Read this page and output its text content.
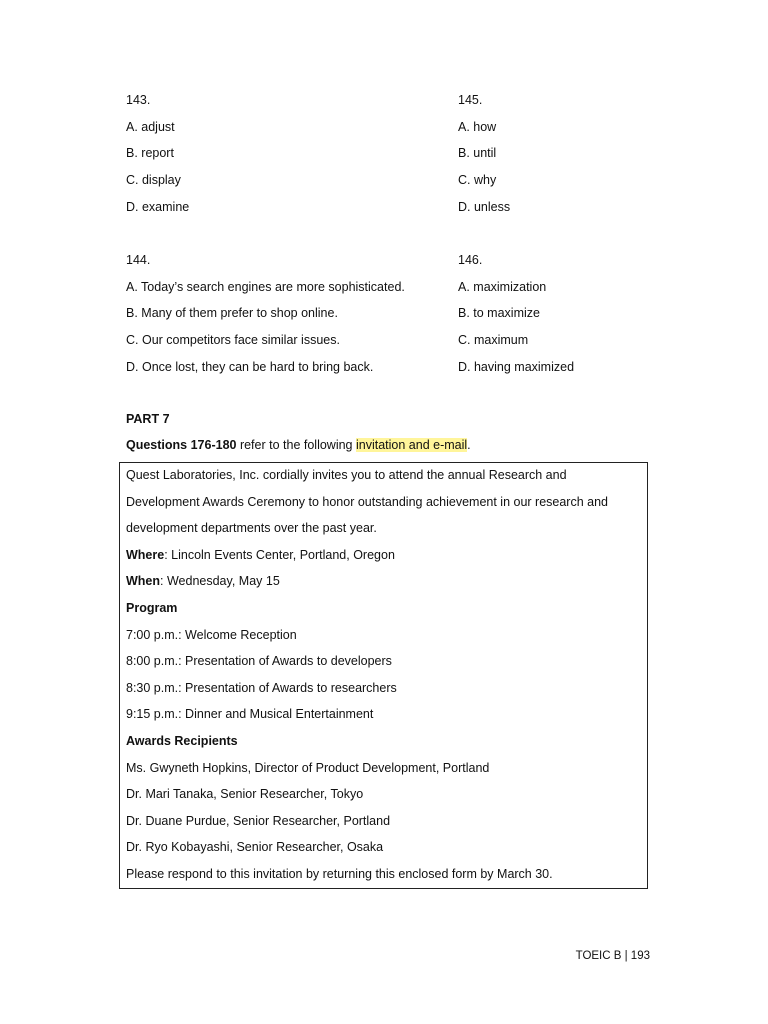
143.
A. adjust
B. report
C. display
D. examine
145.
A. how
B. until
C. why
D. unless
144.
A. Today’s search engines are more sophisticated.
B. Many of them prefer to shop online.
C. Our competitors face similar issues.
D. Once lost, they can be hard to bring back.
146.
A. maximization
B. to maximize
C. maximum
D. having maximized
PART 7
Questions 176-180 refer to the following invitation and e-mail.
Quest Laboratories, Inc. cordially invites you to attend the annual Research and
Development Awards Ceremony to honor outstanding achievement in our research and
development departments over the past year.
Where: Lincoln Events Center, Portland, Oregon
When: Wednesday, May 15
Program
7:00 p.m.: Welcome Reception
8:00 p.m.: Presentation of Awards to developers
8:30 p.m.: Presentation of Awards to researchers
9:15 p.m.: Dinner and Musical Entertainment
Awards Recipients
Ms. Gwyneth Hopkins, Director of Product Development, Portland
Dr. Mari Tanaka, Senior Researcher, Tokyo
Dr. Duane Purdue, Senior Researcher, Portland
Dr. Ryo Kobayashi, Senior Researcher, Osaka
Please respond to this invitation by returning this enclosed form by March 30.
TOEIC B | 193
